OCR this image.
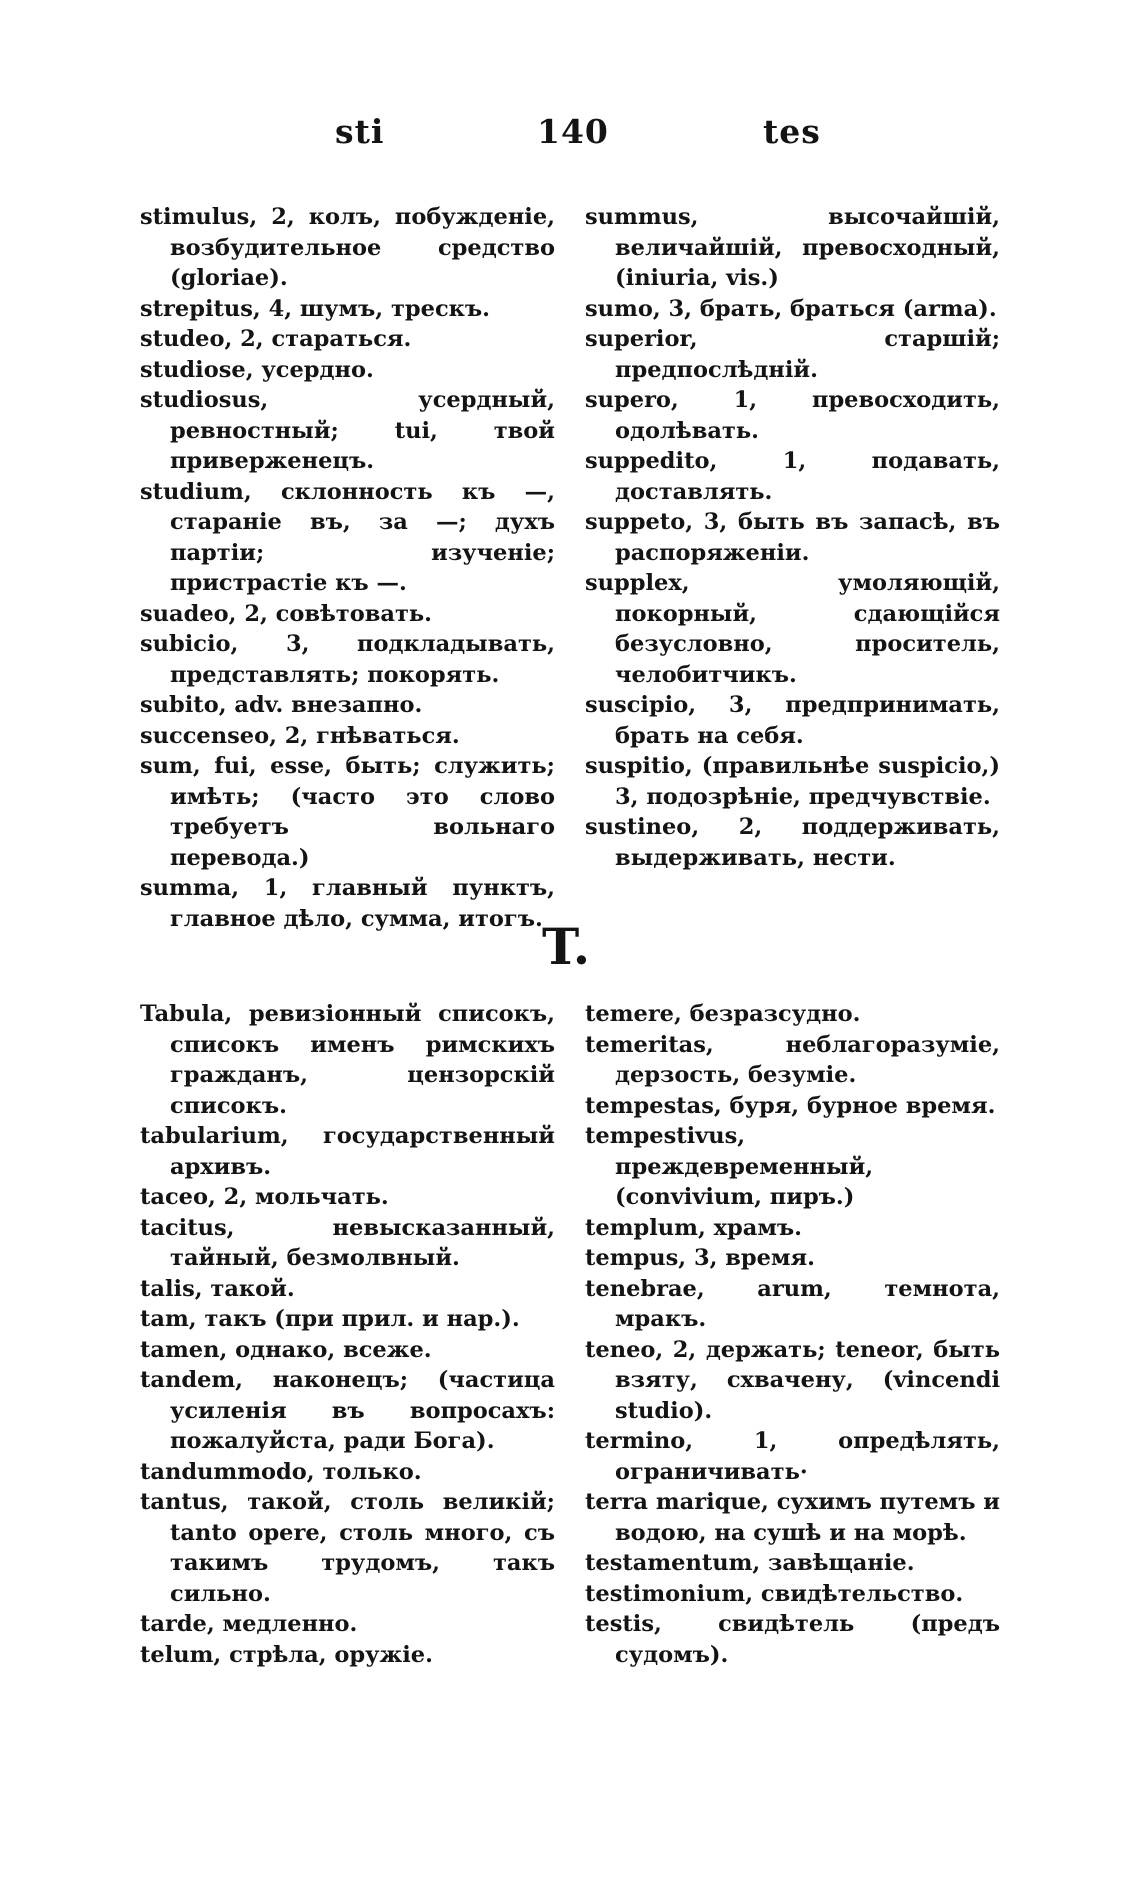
sti	140	tes
stimulus, 2, колъ, побужденіе, возбудительное средство (gloriae).
strepitus, 4, шумъ, трескъ.
studeo, 2, стараться.
studiose, усердно.
studiosus, усердный, ревностный; tui, твой приверженецъ.
studium, склонность къ —, стараніе въ, за —; духъ партіи; изученіе; пристрастіе къ —.
suadeo, 2, совѣтовать.
subicio, 3, подкладывать, представлять; покорять.
subito, adv. внезапно.
succenseo, 2, гнѣваться.
sum, fui, esse, быть; служить; имѣть; (часто это слово требуетъ вольнаго перевода.)
summa, 1, главный пунктъ, главное дѣло, сумма, итогъ.
summus, высочайшій, величайшій, превосходный, (iniuria, vis.)
sumo, 3, брать, браться (arma).
superior, старшій; предпослѣдній.
supero, 1, превосходить, одолѣвать.
suppedito, 1, подавать, доставлять.
suppeto, 3, быть въ запасѣ, въ распоряженіи.
supplex, умоляющій, покорный, сдающійся безусловно, проситель, челобитчикъ.
suscipio, 3, предпринимать, брать на себя.
suspitio, (правильнѣе suspicio,) 3, подозрѣніе, предчувствіе.
sustineo, 2, поддерживать, выдерживать, нести.
T.
Tabula, ревизіонный списокъ, списокъ именъ римскихъ гражданъ, цензорскій списокъ.
tabularium, государственный архивъ.
taceo, 2, мольчать.
tacitus, невысказанный, тайный, безмолвный.
talis, такой.
tam, такъ (при прил. и нар.).
tamen, однако, всеже.
tandem, наконецъ; (частица усиленія въ вопросахъ: пожалуйста, ради Бога).
tandummodo, только.
tantus, такой, столь великій; tanto opere, столь много, съ такимъ трудомъ, такъ сильно.
tarde, медленно.
telum, стрѣла, оружіе.
temere, безразсудно.
temeritas, неблагоразуміе, дерзость, безуміе.
tempestas, буря, бурное время.
tempestivus, преждевременный, (convivium, пиръ.)
templum, храмъ.
tempus, 3, время.
tenebrae, arum, темнота, мракъ.
teneo, 2, держать; teneor, быть взяту, схвачену, (vincendi studio).
termino, 1, опредѣлять, ограничивать·
terra marique, сухимъ путемъ и водою, на сушѣ и на морѣ.
testamentum, завѣщаніе.
testimonium, свидѣтельство.
testis, свидѣтель (предъ судомъ).
